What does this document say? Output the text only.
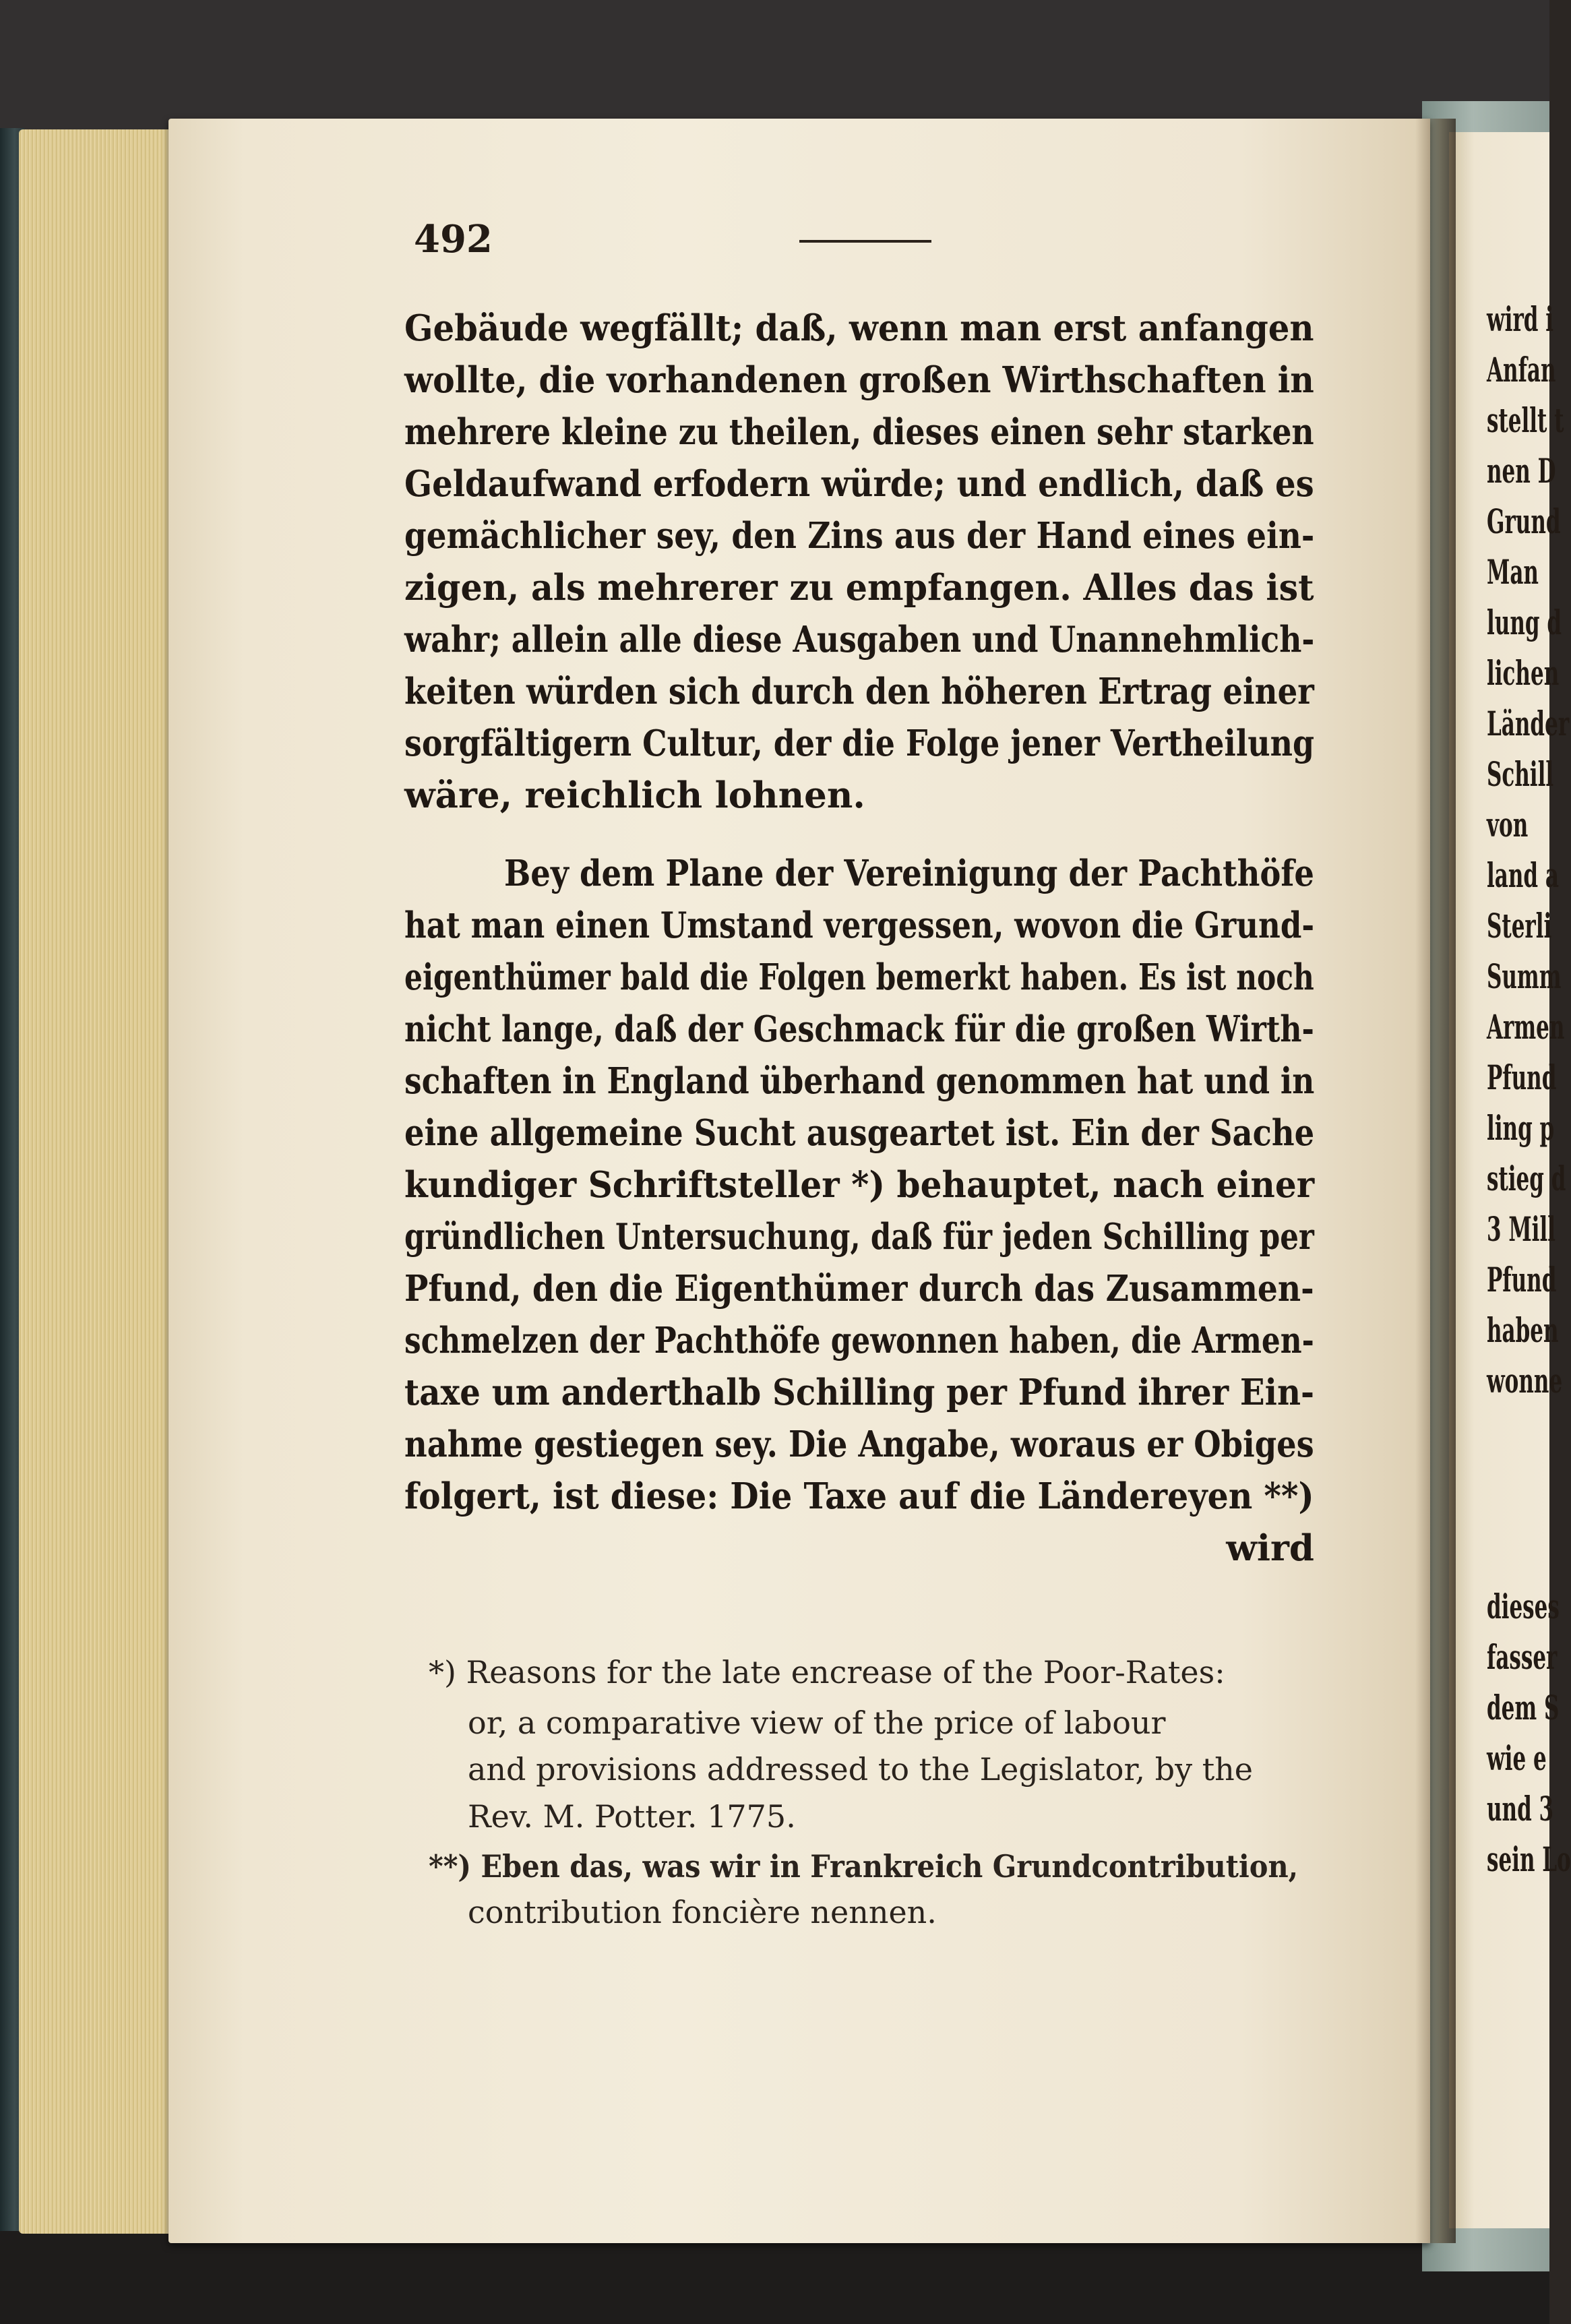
wird i
Anfan
stellt t
nen D
Grund
Man
lung d
lichen
Länder
Schill
von
land a
Sterli
Summ
Armen
Pfund
ling p
stieg d
3 Mill
Pfund
haben
wonne
dieses
fasser
dem S
wie e
und 3
sein Lo
492
Gebäude wegfällt; daß, wenn man erst anfangen
wollte, die vorhandenen großen Wirthschaften in
mehrere kleine zu theilen, dieses einen sehr starken
Geldaufwand erfodern würde; und endlich, daß es
gemächlicher sey, den Zins aus der Hand eines ein-
zigen, als mehrerer zu empfangen. Alles das ist
wahr; allein alle diese Ausgaben und Unannehmlich-
keiten würden sich durch den höheren Ertrag einer
sorgfältigern Cultur, der die Folge jener Vertheilung
wäre, reichlich lohnen.
Bey dem Plane der Vereinigung der Pachthöfe
hat man einen Umstand vergessen, wovon die Grund-
eigenthümer bald die Folgen bemerkt haben. Es ist noch
nicht lange, daß der Geschmack für die großen Wirth-
schaften in England überhand genommen hat und in
eine allgemeine Sucht ausgeartet ist. Ein der Sache
kundiger Schriftsteller *) behauptet, nach einer
gründlichen Untersuchung, daß für jeden Schilling per
Pfund, den die Eigenthümer durch das Zusammen-
schmelzen der Pachthöfe gewonnen haben, die Armen-
taxe um anderthalb Schilling per Pfund ihrer Ein-
nahme gestiegen sey. Die Angabe, woraus er Obiges
folgert, ist diese: Die Taxe auf die Ländereyen **)
wird
*) Reasons for the late encrease of the Poor-Rates:
or, a comparative view of the price of labour
and provisions addressed to the Legislator, by the
Rev. M. Potter. 1775.
**) Eben das, was wir in Frankreich Grundcontribution,
contribution foncière nennen.
